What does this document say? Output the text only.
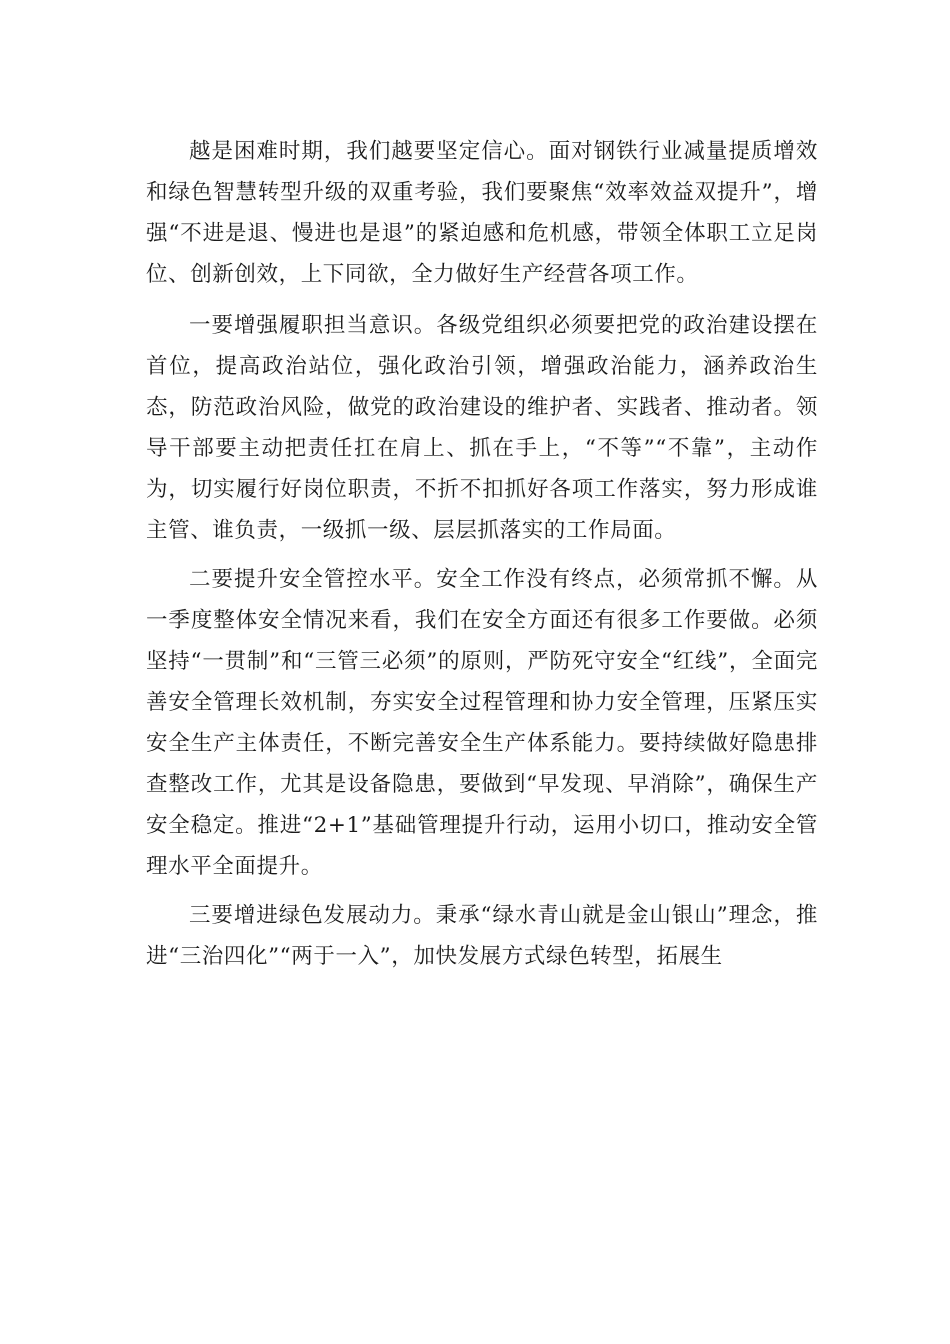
越是困难时期，我们越要坚定信心。面对钢铁行业减量提质增效和绿色智慧转型升级的双重考验，我们要聚焦“效率效益双提升”，增强“不进是退、慢进也是退”的紧迫感和危机感，带领全体职工立足岗位、创新创效，上下同欲，全力做好生产经营各项工作。

一要增强履职担当意识。各级党组织必须要把党的政治建设摆在首位，提高政治站位，强化政治引领，增强政治能力，涵养政治生态，防范政治风险，做党的政治建设的维护者、实践者、推动者。领导干部要主动把责任扛在肩上、抓在手上，“不等”“不靠”，主动作为，切实履行好岗位职责，不折不扣抓好各项工作落实，努力形成谁主管、谁负责，一级抓一级、层层抓落实的工作局面。

二要提升安全管控水平。安全工作没有终点，必须常抓不懈。从一季度整体安全情况来看，我们在安全方面还有很多工作要做。必须坚持“一贯制”和“三管三必须”的原则，严防死守安全“红线”，全面完善安全管理长效机制，夯实安全过程管理和协力安全管理，压紧压实安全生产主体责任，不断完善安全生产体系能力。要持续做好隐患排查整改工作，尤其是设备隐患，要做到“早发现、早消除”，确保生产安全稳定。推进“2+1”基础管理提升行动，运用小切口，推动安全管理水平全面提升。

三要增进绿色发展动力。秉承“绿水青山就是金山银山”理念，推进“三治四化”“两于一入”，加快发展方式绿色转型，拓展生
